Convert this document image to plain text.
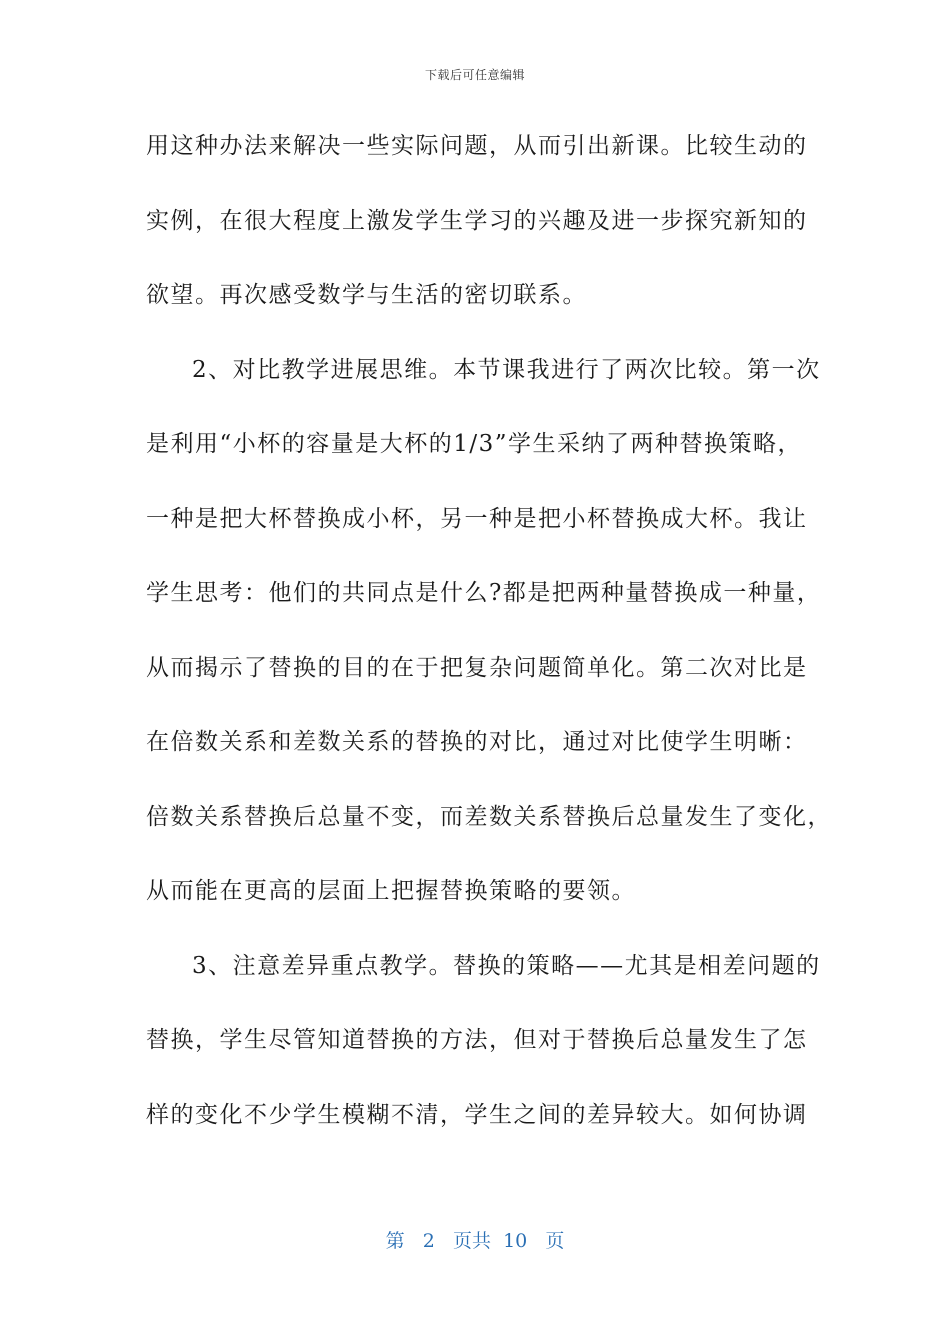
下载后可任意编辑
用这种办法来解决一些实际问题，从而引出新课。比较生动的
实例，在很大程度上激发学生学习的兴趣及进一步探究新知的
欲望。再次感受数学与生活的密切联系。
2、对比教学进展思维。本节课我进行了两次比较。第一次
是利用“小杯的容量是大杯的1/3”学生采纳了两种替换策略，
一种是把大杯替换成小杯，另一种是把小杯替换成大杯。我让
学生思考：他们的共同点是什么?都是把两种量替换成一种量，
从而揭示了替换的目的在于把复杂问题简单化。第二次对比是
在倍数关系和差数关系的替换的对比，通过对比使学生明晰：
倍数关系替换后总量不变，而差数关系替换后总量发生了变化，
从而能在更高的层面上把握替换策略的要领。
3、注意差异重点教学。替换的策略——尤其是相差问题的
替换，学生尽管知道替换的方法，但对于替换后总量发生了怎
样的变化不少学生模糊不清，学生之间的差异较大。如何协调
第 2 页共 10 页
